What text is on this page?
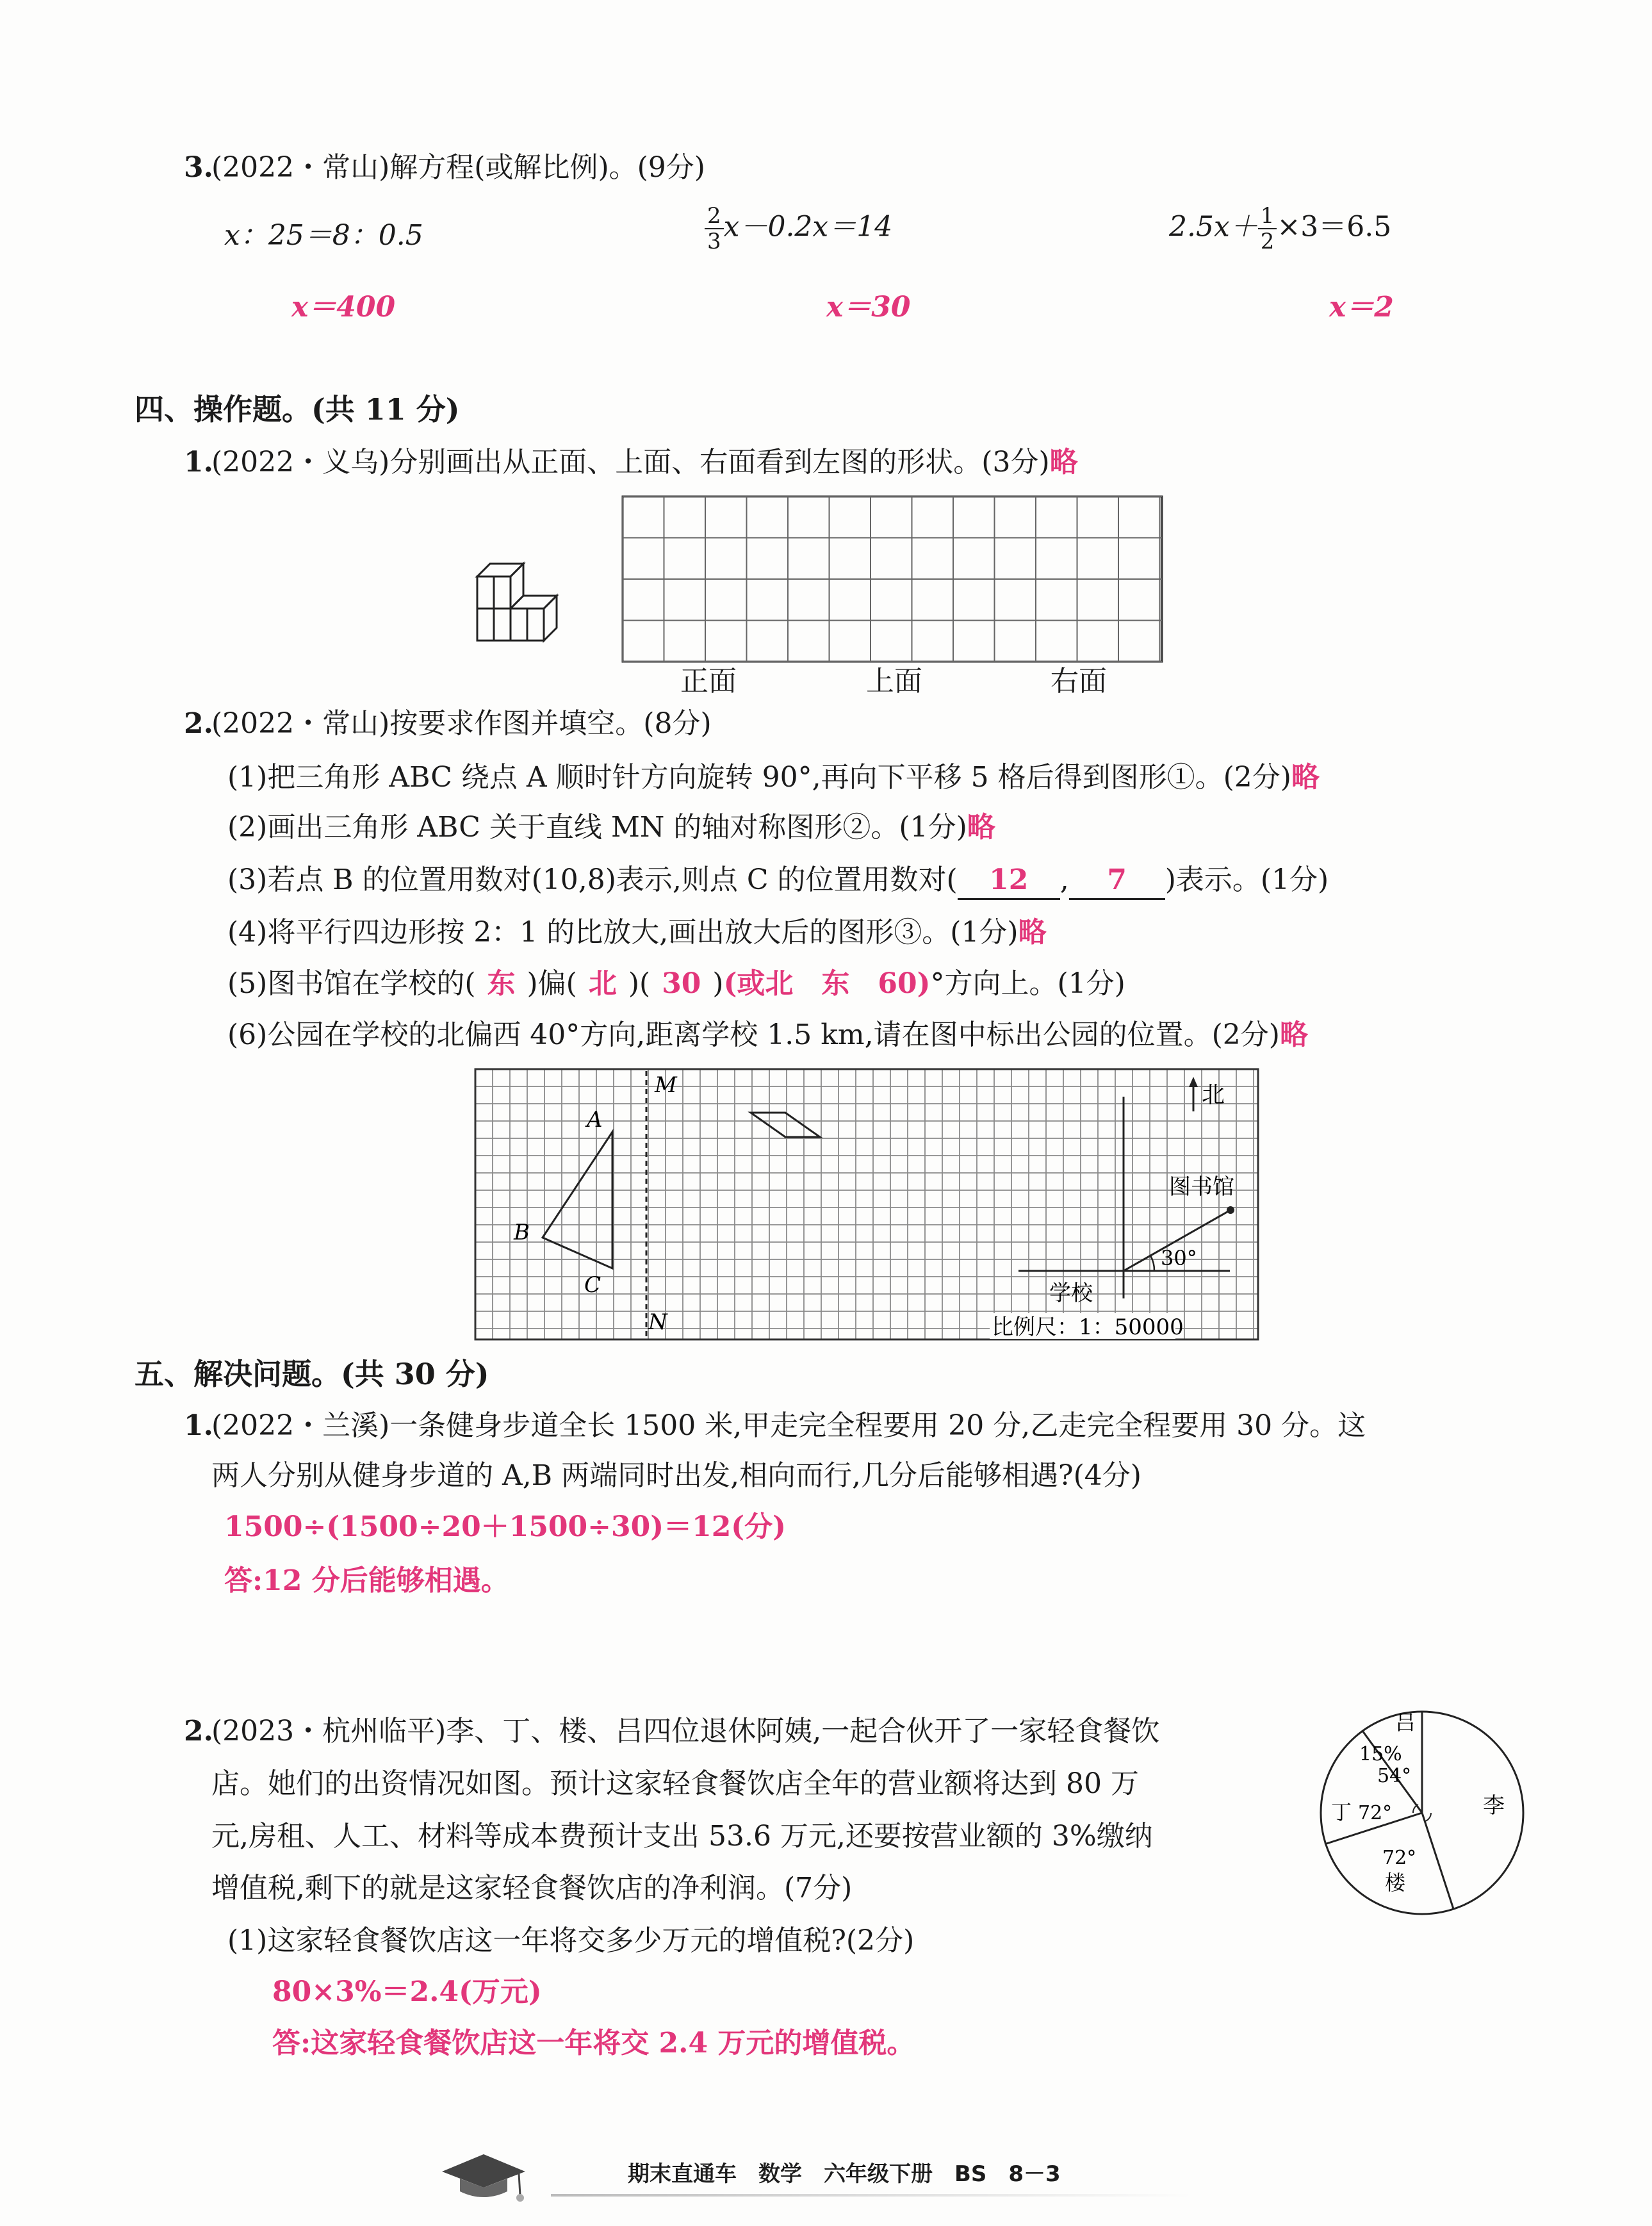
3.
(2022・常山)解方程(或解比例)。(9分)
x：25＝8：0.5	$\frac{2}{3} x-0.2x=14$	$2.5x+ \frac{1}{2} \times 3=6.5$
x＝400	x＝30	x＝2
四、操作题。(共 11 分)
1.
(2022・义乌)分别画出从正面、上面、右面看到左图的形状。(3分)略
正面	上面	右面
2.
(2022・常山)按要求作图并填空。(8分)
(1)把三角形 ABC 绕点 A 顺时针方向旋转 90°,再向下平移 5 格后得到图形①。(2分)略
(2)画出三角形 ABC 关于直线 MN 的轴对称图形②。(1分)略
(3)若点 B 的位置用数对(10,8)表示,则点 C 的位置用数对( 12 , 7 )表示。(1分)
(4)将平行四边形按 2：1 的比放大,画出放大后的图形③。(1分)略
(5)图书馆在学校的( 东 )偏( 北 )( 30 )(或北　东　60)°方向上。(1分)
(6)公园在学校的北偏西 40°方向,距离学校 1.5 km,请在图中标出公园的位置。(2分)略
M
N
A
B
C
30°
图书馆
学校
北
比例尺：1：50000
五、解决问题。(共 30 分)
1.
(2022・兰溪)一条健身步道全长 1500 米,甲走完全程要用 20 分,乙走完全程要用 30 分。这
两人分别从健身步道的 A,B 两端同时出发,相向而行,几分后能够相遇?(4分)
1500÷(1500÷20＋1500÷30)＝12(分)
答:12 分后能够相遇。
2.
(2023・杭州临平)李、丁、楼、吕四位退休阿姨,一起合伙开了一家轻食餐饮
店。她们的出资情况如图。预计这家轻食餐饮店全年的营业额将达到 80 万
元,房租、人工、材料等成本费预计支出 53.6 万元,还要按营业额的 3%缴纳
增值税,剩下的就是这家轻食餐饮店的净利润。(7分)
(1)这家轻食餐饮店这一年将交多少万元的增值税?(2分)
80×3%＝2.4(万元)
答:这家轻食餐饮店这一年将交 2.4 万元的增值税。
吕
15%
54°
李
丁 72°
72°
楼
期末直通车　数学　六年级下册　BS　8－3
